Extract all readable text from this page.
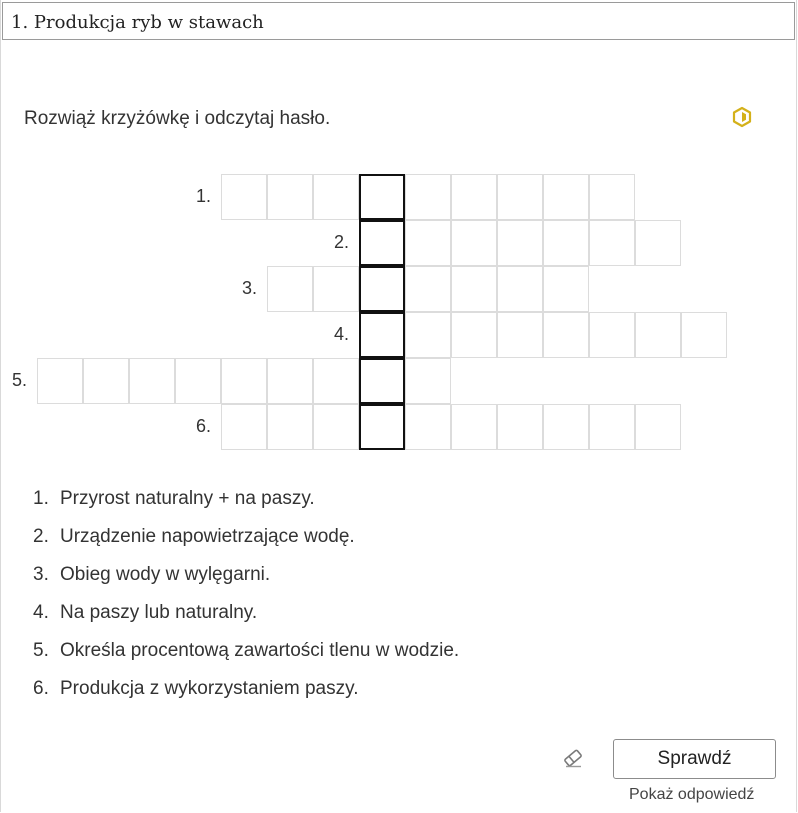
1. Produkcja ryb w stawach
Rozwiąż krzyżówkę i odczytaj hasło.
1.
2.
3.
4.
5.
6.
1. Przyrost naturalny + na paszy.
2. Urządzenie napowietrzające wodę.
3. Obieg wody w wylęgarni.
4. Na paszy lub naturalny.
5. Określa procentową zawartości tlenu w wodzie.
6. Produkcja z wykorzystaniem paszy.
Sprawdź
Pokaż odpowiedź
